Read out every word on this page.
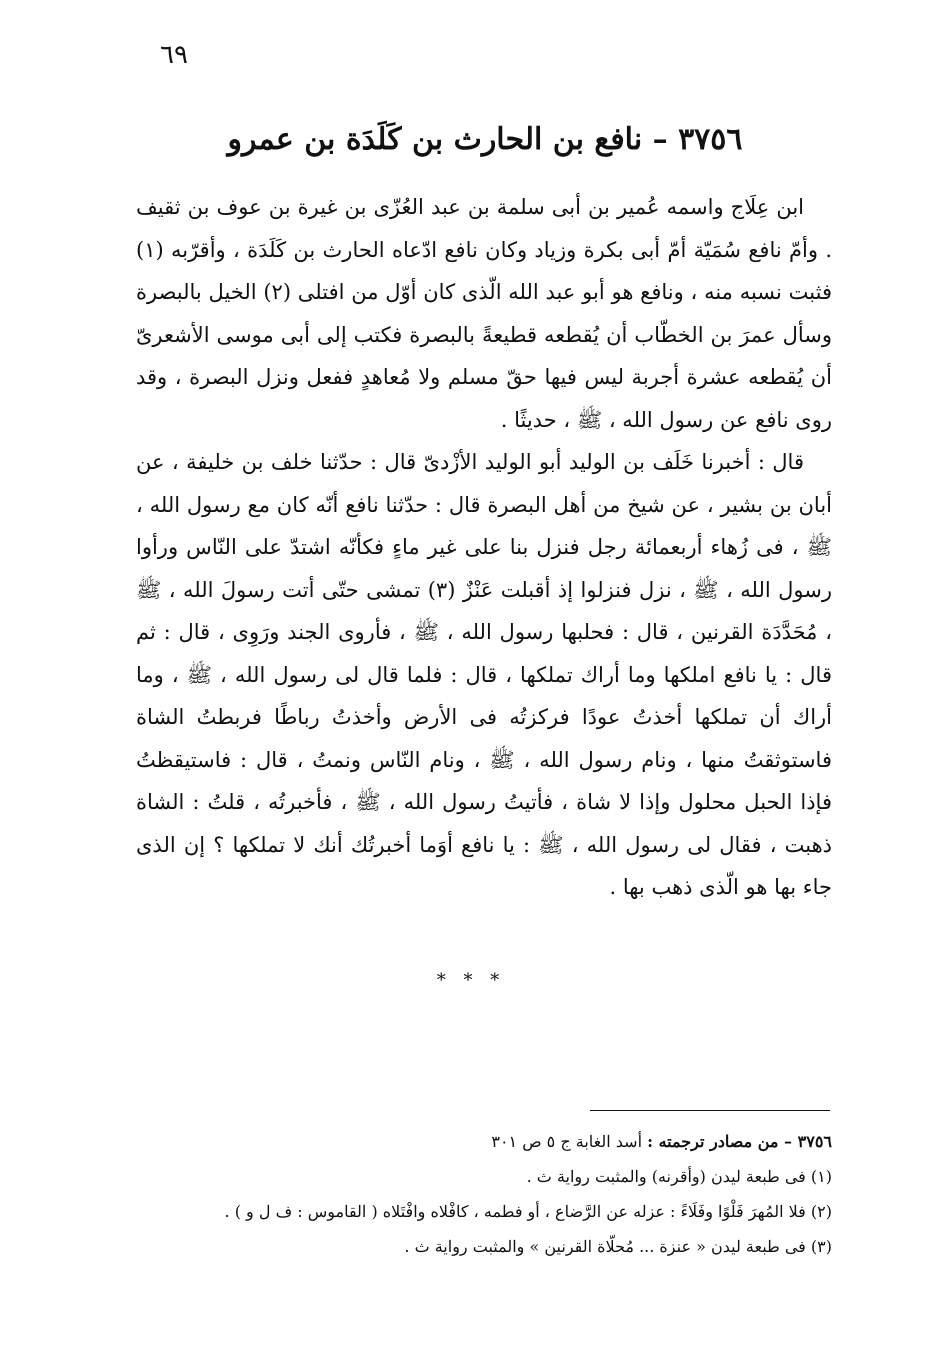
٦٩
٣٧٥٦ – نافع بن الحارث بن كَلَدَة بن عمرو

ابن عِلَاج واسمه عُمير بن أبى سلمة بن عبد العُزّى بن غيرة بن عوف بن ثقيف . وأمّ نافع سُمَيّة أمّ أبى بكرة وزياد وكان نافع ادّعاه الحارث بن كَلَدَة ، وأقرّبه (١) فثبت نسبه منه ، ونافع هو أبو عبد الله الّذى كان أوّل من افتلى (٢) الخيل بالبصرة وسأل عمرَ بن الخطّاب أن يُقطعه قطيعةً بالبصرة فكتب إلى أبى موسى الأشعرىّ أن يُقطعه عشرة أجربة ليس فيها حقّ مسلم ولا مُعاهدٍ ففعل ونزل البصرة ، وقد روى نافع عن رسول الله ، ﷺ ، حديثًا .

قال : أخبرنا خَلَف بن الوليد أبو الوليد الأزْدىّ قال : حدّثنا خلف بن خليفة ، عن أبان بن بشير ، عن شيخ من أهل البصرة قال : حدّثنا نافع أنّه كان مع رسول الله ، ﷺ ، فى زُهاء أربعمائة رجل فنزل بنا على غير ماءٍ فكأنّه اشتدّ على النّاس ورأوا رسول الله ، ﷺ ، نزل فنزلوا إذ أقبلت عَنْزٌ (٣) تمشى حتّى أتت رسولَ الله ، ﷺ ، مُحَدَّدَة القرنين ، قال : فحلبها رسول الله ، ﷺ ، فأروى الجند ورَوِى ، قال : ثم قال : يا نافع املكها وما أراك تملكها ، قال : فلما قال لى رسول الله ، ﷺ ، وما أراك أن تملكها أخذتُ عودًا فركزتُه فى الأرض وأخذتُ رباطًا فربطتُ الشاة فاستوثقتُ منها ، ونام رسول الله ، ﷺ ، ونام النّاس ونمتُ ، قال : فاستيقظتُ فإذا الحبل محلول وإذا لا شاة ، فأتيتُ رسول الله ، ﷺ ، فأخبرتُه ، قلتُ : الشاة ذهبت ، فقال لى رسول الله ، ﷺ : يا نافع أوَما أخبرتُك أنك لا تملكها ؟ إن الذى جاء بها هو الّذى ذهب بها .

* * *
٣٧٥٦ – من مصادر ترجمته : أسد الغابة ج ٥ ص ٣٠١
(١) فى طبعة ليدن (وأقرنه) والمثبت رواية ث .
(٢) فلا المُهرَ فَلْوًا وفَلَاءً : عزله عن الرَّضاع ، أو فطمه ، كافْلاه وافْتَلاه ( القاموس : ف ل و ) .
(٣) فى طبعة ليدن « عنزة ... مُحلّاة القرنين » والمثبت رواية ث .
